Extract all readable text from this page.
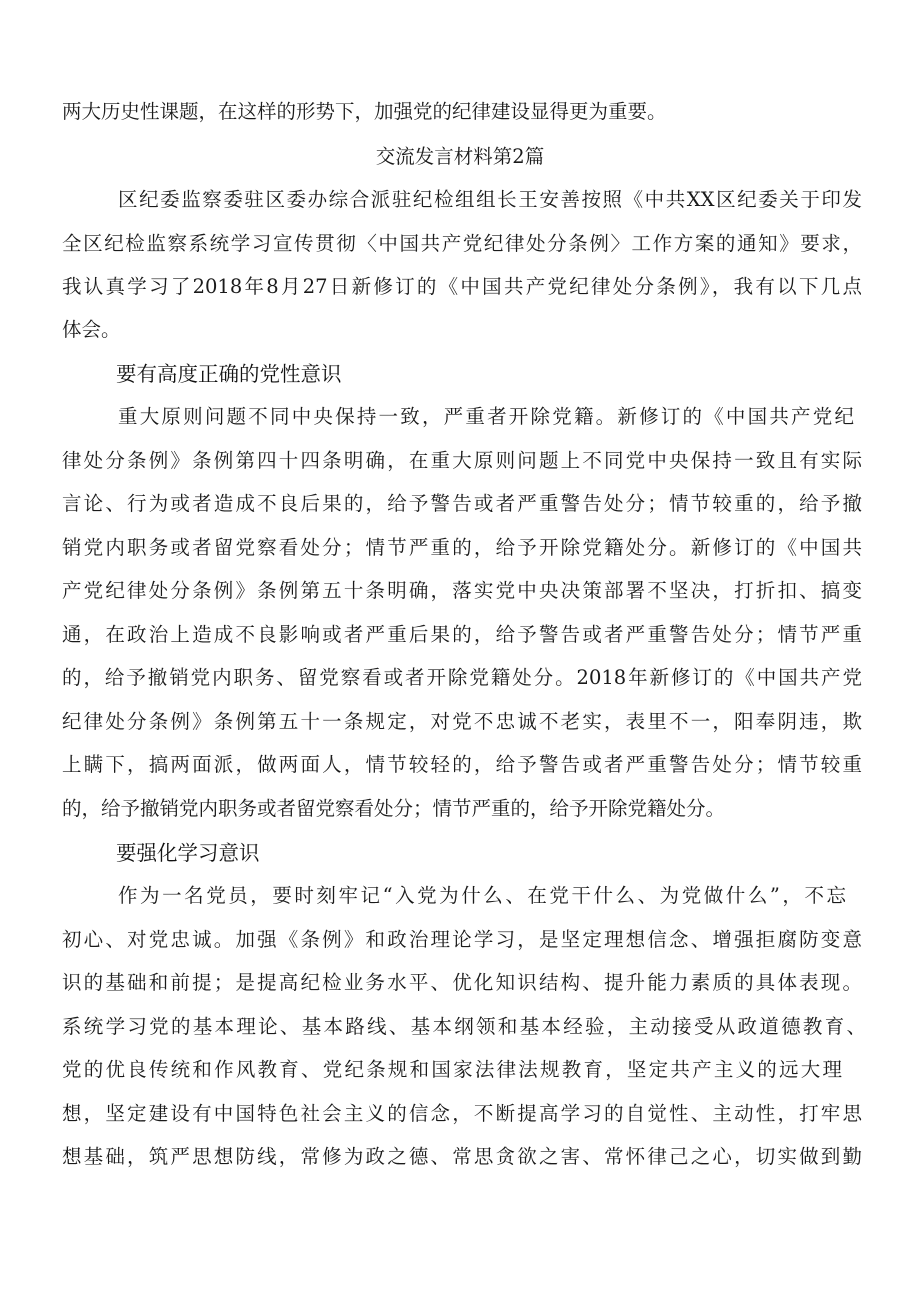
两大历史性课题，在这样的形势下，加强党的纪律建设显得更为重要。
交流发言材料第2篇
区纪委监察委驻区委办综合派驻纪检组组长王安善按照《中共XX区纪委关于印发
全区纪检监察系统学习宣传贯彻〈中国共产党纪律处分条例〉工作方案的通知》要求，
我认真学习了2018年8月27日新修订的《中国共产党纪律处分条例》，我有以下几点
体会。
要有高度正确的党性意识
重大原则问题不同中央保持一致，严重者开除党籍。新修订的《中国共产党纪
律处分条例》条例第四十四条明确，在重大原则问题上不同党中央保持一致且有实际
言论、行为或者造成不良后果的，给予警告或者严重警告处分；情节较重的，给予撤
销党内职务或者留党察看处分；情节严重的，给予开除党籍处分。新修订的《中国共
产党纪律处分条例》条例第五十条明确，落实党中央决策部署不坚决，打折扣、搞变
通，在政治上造成不良影响或者严重后果的，给予警告或者严重警告处分；情节严重
的，给予撤销党内职务、留党察看或者开除党籍处分。2018年新修订的《中国共产党
纪律处分条例》条例第五十一条规定，对党不忠诚不老实，表里不一，阳奉阴违，欺
上瞒下，搞两面派，做两面人，情节较轻的，给予警告或者严重警告处分；情节较重
的，给予撤销党内职务或者留党察看处分；情节严重的，给予开除党籍处分。
要强化学习意识
作为一名党员，要时刻牢记“入党为什么、在党干什么、为党做什么”，不忘
初心、对党忠诚。加强《条例》和政治理论学习，是坚定理想信念、增强拒腐防变意
识的基础和前提；是提高纪检业务水平、优化知识结构、提升能力素质的具体表现。
系统学习党的基本理论、基本路线、基本纲领和基本经验，主动接受从政道德教育、
党的优良传统和作风教育、党纪条规和国家法律法规教育，坚定共产主义的远大理
想，坚定建设有中国特色社会主义的信念，不断提高学习的自觉性、主动性，打牢思
想基础，筑严思想防线，常修为政之德、常思贪欲之害、常怀律己之心，切实做到勤
